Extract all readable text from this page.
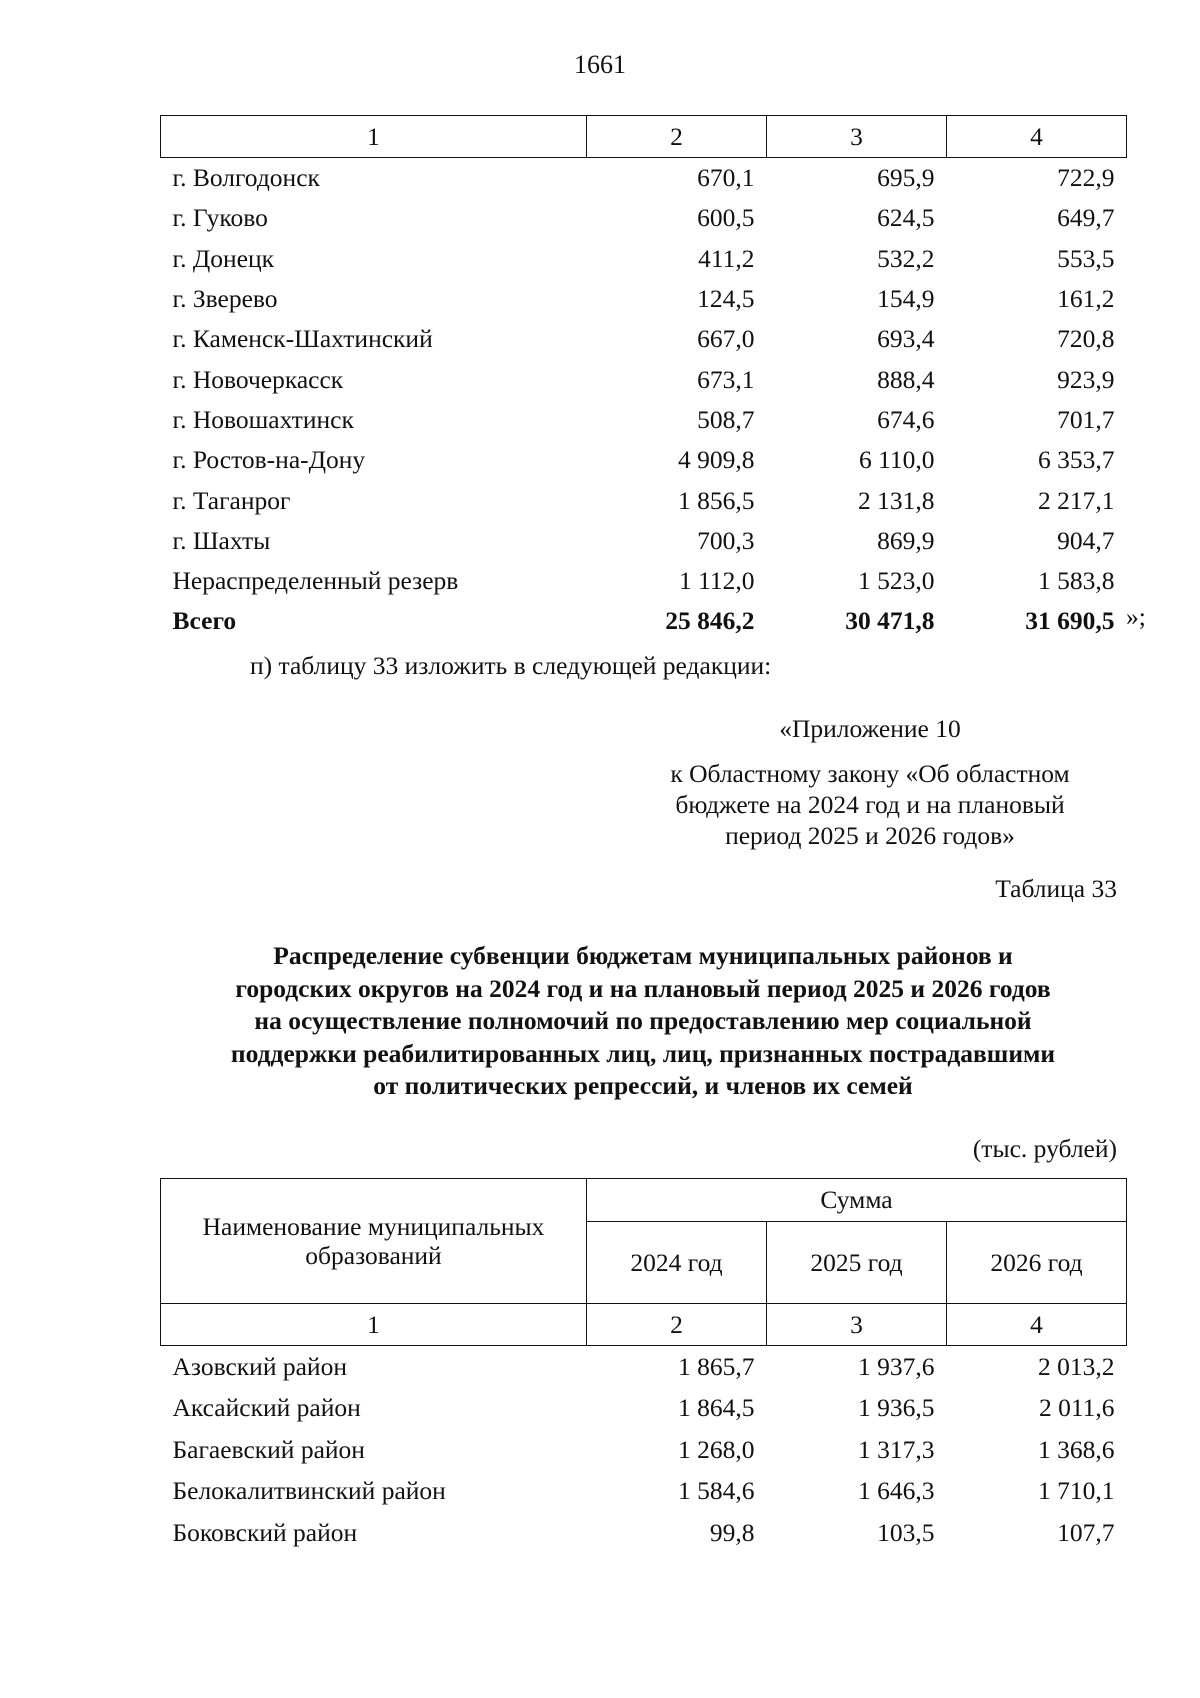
1661
1	2	3	4
г. Волгодонск	670,1	695,9	722,9
г. Гуково	600,5	624,5	649,7
г. Донецк	411,2	532,2	553,5
г. Зверево	124,5	154,9	161,2
г. Каменск-Шахтинский	667,0	693,4	720,8
г. Новочеркасск	673,1	888,4	923,9
г. Новошахтинск	508,7	674,6	701,7
г. Ростов-на-Дону	4 909,8	6 110,0	6 353,7
г. Таганрог	1 856,5	2 131,8	2 217,1
г. Шахты	700,3	869,9	904,7
Нераспределенный резерв	1 112,0	1 523,0	1 583,8
Всего	25 846,2	30 471,8	31 690,5 »;
п) таблицу 33 изложить в следующей редакции:
«Приложение 10
к Областному закону «Об областном
бюджете на 2024 год и на плановый
период 2025 и 2026 годов»
Таблица 33
Распределение субвенции бюджетам муниципальных районов и
городских округов на 2024 год и на плановый период 2025 и 2026 годов
на осуществление полномочий по предоставлению мер социальной
поддержки реабилитированных лиц, лиц, признанных пострадавшими
от политических репрессий, и членов их семей
(тыс. рублей)
Наименование муниципальных
образований	Сумма		
	2024 год	2025 год	2026 год
1	2	3	4
Азовский район	1 865,7	1 937,6	2 013,2
Аксайский район	1 864,5	1 936,5	2 011,6
Багаевский район	1 268,0	1 317,3	1 368,6
Белокалитвинский район	1 584,6	1 646,3	1 710,1
Боковский район	99,8	103,5	107,7
